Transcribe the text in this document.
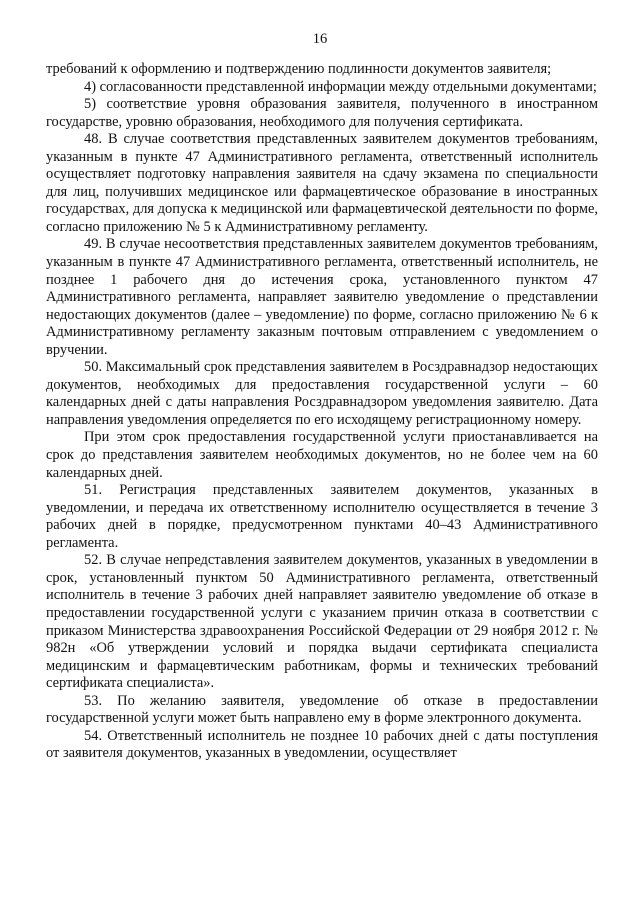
16

требований к оформлению и подтверждению подлинности документов заявителя;

4) согласованности представленной информации между отдельными документами;

5) соответствие уровня образования заявителя, полученного в иностранном государстве, уровню образования, необходимого для получения сертификата.

48. В случае соответствия представленных заявителем документов требованиям, указанным в пункте 47 Административного регламента, ответственный исполнитель осуществляет подготовку направления заявителя на сдачу экзамена по специальности для лиц, получивших медицинское или фармацевтическое образование в иностранных государствах, для допуска к медицинской или фармацевтической деятельности по форме, согласно приложению № 5 к Административному регламенту.

49. В случае несоответствия представленных заявителем документов требованиям, указанным в пункте 47 Административного регламента, ответственный исполнитель, не позднее 1 рабочего дня до истечения срока, установленного пунктом 47 Административного регламента, направляет заявителю уведомление о представлении недостающих документов (далее – уведомление) по форме, согласно приложению № 6 к Административному регламенту заказным почтовым отправлением с уведомлением о вручении.

50. Максимальный срок представления заявителем в Росздравнадзор недостающих документов, необходимых для предоставления государственной услуги – 60 календарных дней с даты направления Росздравнадзором уведомления заявителю. Дата направления уведомления определяется по его исходящему регистрационному номеру.

При этом срок предоставления государственной услуги приостанавливается на срок до представления заявителем необходимых документов, но не более чем на 60 календарных дней.

51. Регистрация представленных заявителем документов, указанных в уведомлении, и передача их ответственному исполнителю осуществляется в течение 3 рабочих дней в порядке, предусмотренном пунктами 40–43 Административного регламента.

52. В случае непредставления заявителем документов, указанных в уведомлении в срок, установленный пунктом 50 Административного регламента, ответственный исполнитель в течение 3 рабочих дней направляет заявителю уведомление об отказе в предоставлении государственной услуги с указанием причин отказа в соответствии с приказом Министерства здравоохранения Российской Федерации от 29 ноября 2012 г. № 982н «Об утверждении условий и порядка выдачи сертификата специалиста медицинским и фармацевтическим работникам, формы и технических требований сертификата специалиста».

53. По желанию заявителя, уведомление об отказе в предоставлении государственной услуги может быть направлено ему в форме электронного документа.

54. Ответственный исполнитель не позднее 10 рабочих дней с даты поступления от заявителя документов, указанных в уведомлении, осуществляет
